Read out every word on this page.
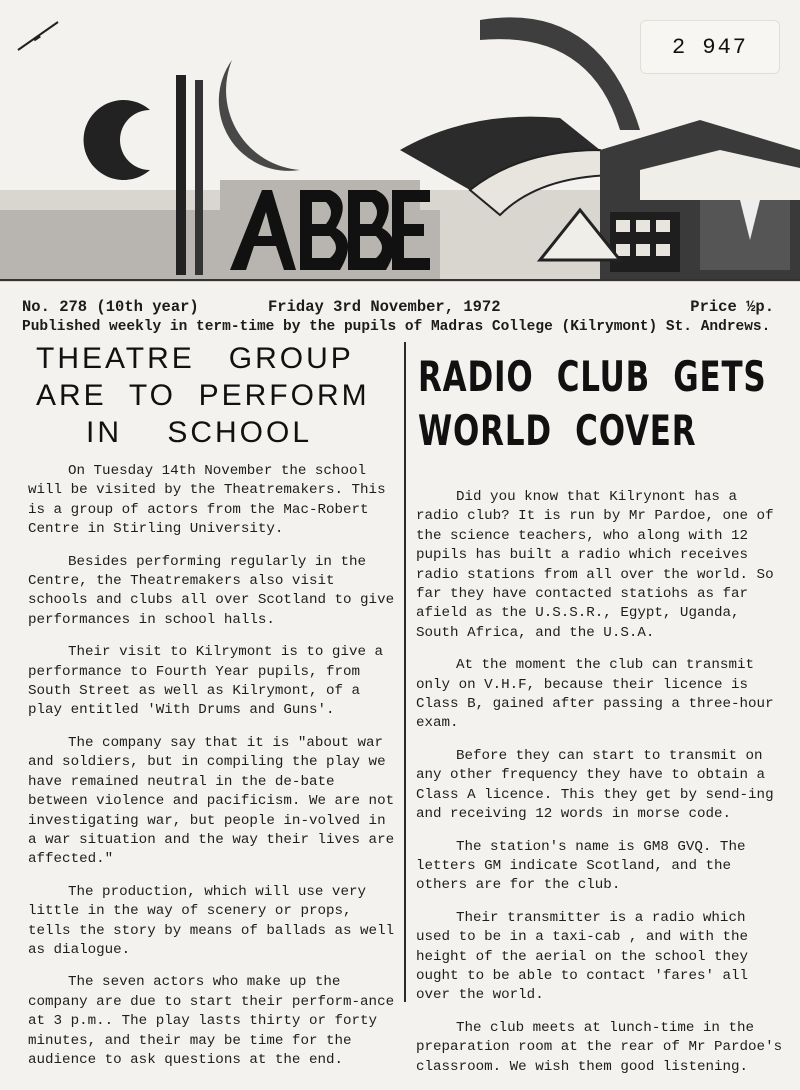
2 947
No. 278 (10th year)	Friday 3rd November, 1972	Price ½p.
Published weekly in term-time by the pupils of Madras College (Kilrymont) St. Andrews.
THEATRE   GROUP
ARE  TO  PERFORM
IN    SCHOOL

On Tuesday 14th November the school will be visited by the Theatremakers. This is a group of actors from the Mac-Robert Centre in Stirling University.

Besides performing regularly in the Centre, the Theatremakers also visit schools and clubs all over Scotland to give performances in school halls.

Their visit to Kilrymont is to give a performance to Fourth Year pupils, from South Street as well as Kilrymont, of a play entitled 'With Drums and Guns'.

The company say that it is "about war and soldiers, but in compiling the play we have remained neutral in the de-bate between violence and pacificism. We are not investigating war, but people in-volved in a war situation and the way their lives are affected."

The production, which will use very little in the way of scenery or props, tells the story by means of ballads as well as dialogue.

The seven actors who make up the company are due to start their perform-ance at 3 p.m.. The play lasts thirty or forty minutes, and their may be time for the audience to ask questions at the end.

RADIO  CLUB  GETS
WORLD  COVER

Did you know that Kilrynont has a radio club? It is run by Mr Pardoe, one of the science teachers, who along with 12 pupils has built a radio which receives radio stations from all over the world. So far they have contacted statiohs as far afield as the U.S.S.R., Egypt, Uganda, South Africa, and the U.S.A.

At the moment the club can transmit only on V.H.F, because their licence is Class B, gained after passing a three-hour exam.

Before they can start to transmit on any other frequency they have to obtain a Class A licence. This they get by send-ing and receiving 12 words in morse code.

The station's name is GM8 GVQ. The letters GM indicate Scotland, and the others are for the club.

Their transmitter is a radio which used to be in a taxi-cab , and with the height of the aerial on the school they ought to be able to contact 'fares' all over the world.

The club meets at lunch-time in the preparation room at the rear of Mr Pardoe's classroom. We wish them good listening.
